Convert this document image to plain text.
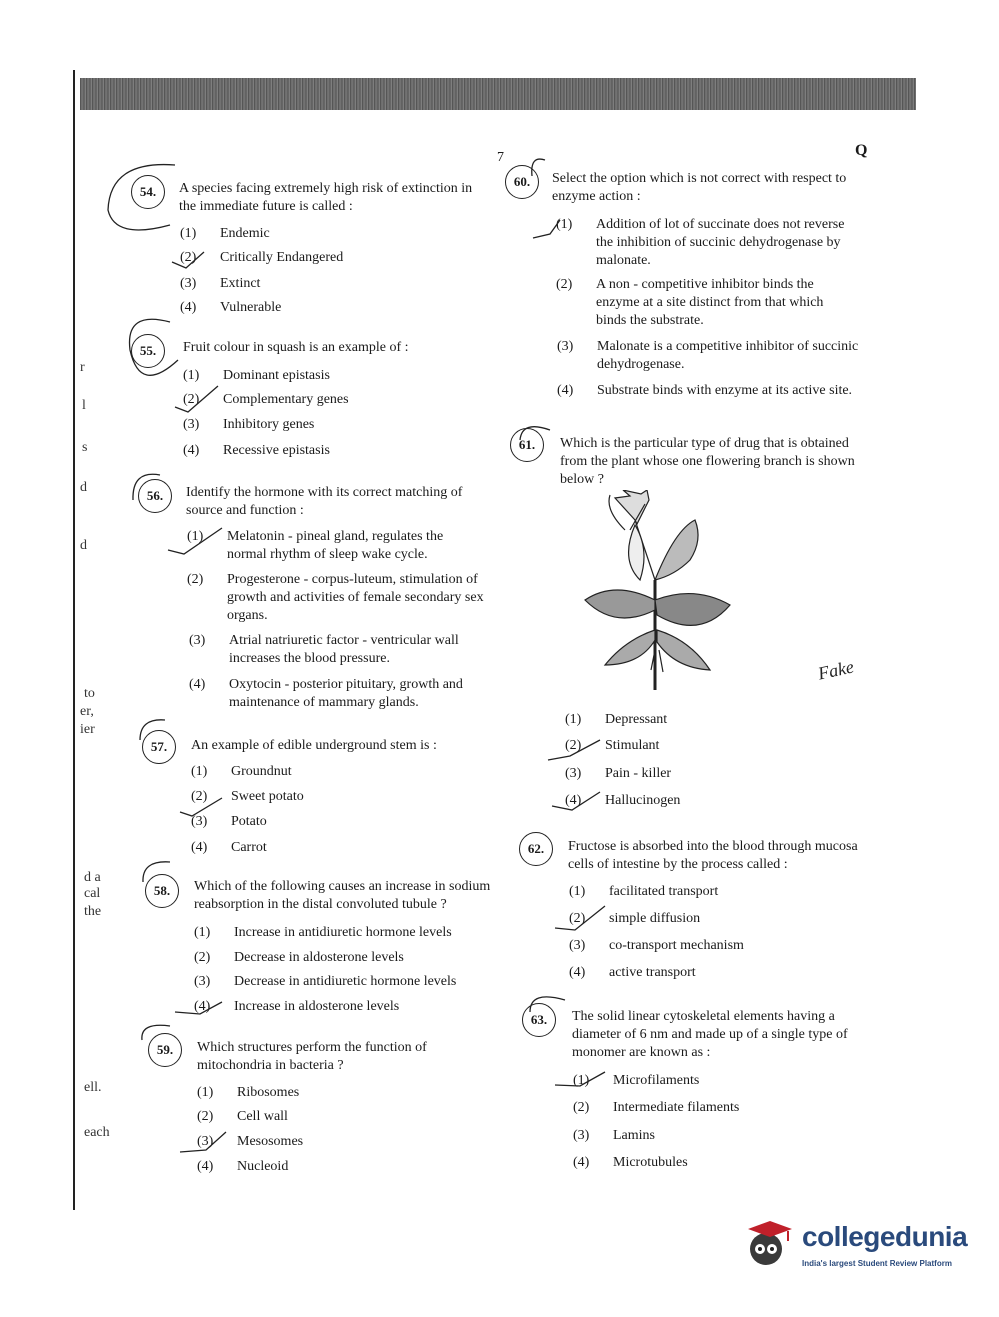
r
l
s
d
d
to
er,
ier
d a
cal
the
ell.
each
7	Q
54.	A species facing extremely high risk of extinction in
the immediate future is called :
(1)	Endemic
(2)	Critically Endangered
(3)	Extinct
(4)	Vulnerable
55.	Fruit colour in squash is an example of :
(1)	Dominant epistasis
(2)	Complementary genes
(3)	Inhibitory genes
(4)	Recessive epistasis
56.	Identify the hormone with its correct matching of
source and function :
(1)	Melatonin - pineal gland, regulates the
normal rhythm of sleep wake cycle.
(2)	Progesterone - corpus-luteum, stimulation of
growth and activities of female secondary sex
organs.
(3)	Atrial natriuretic factor - ventricular wall
increases the blood pressure.
(4)	Oxytocin - posterior pituitary, growth and
maintenance of mammary glands.
57.	An example of edible underground stem is :
(1)	Groundnut
(2)	Sweet potato
(3)	Potato
(4)	Carrot
58.	Which of the following causes an increase in sodium
reabsorption in the distal convoluted tubule ?
(1)	Increase in antidiuretic hormone levels
(2)	Decrease in aldosterone levels
(3)	Decrease in antidiuretic hormone levels
(4)	Increase in aldosterone levels
59.	Which structures perform the function of
mitochondria in bacteria ?
(1)	Ribosomes
(2)	Cell wall
(3)	Mesosomes
(4)	Nucleoid
60.	Select the option which is not correct with respect to
enzyme action :
(1)	Addition of lot of succinate does not reverse
the inhibition of succinic dehydrogenase by
malonate.
(2)	A non - competitive inhibitor binds the
enzyme at a site distinct from that which
binds the substrate.
(3)	Malonate is a competitive inhibitor of succinic
dehydrogenase.
(4)	Substrate binds with enzyme at its active site.
61.	Which is the particular type of drug that is obtained
from the plant whose one flowering branch is shown
below ?
Fake
(1)	Depressant
(2)	Stimulant
(3)	Pain - killer
(4)	Hallucinogen
62.	Fructose is absorbed into the blood through mucosa
cells of intestine by the process called :
(1)	facilitated transport
(2)	simple diffusion
(3)	co-transport mechanism
(4)	active transport
63.	The solid linear cytoskeletal elements having a
diameter of 6 nm and made up of a single type of
monomer are known as :
(1)	Microfilaments
(2)	Intermediate filaments
(3)	Lamins
(4)	Microtubules
collegedunia
India's largest Student Review Platform
